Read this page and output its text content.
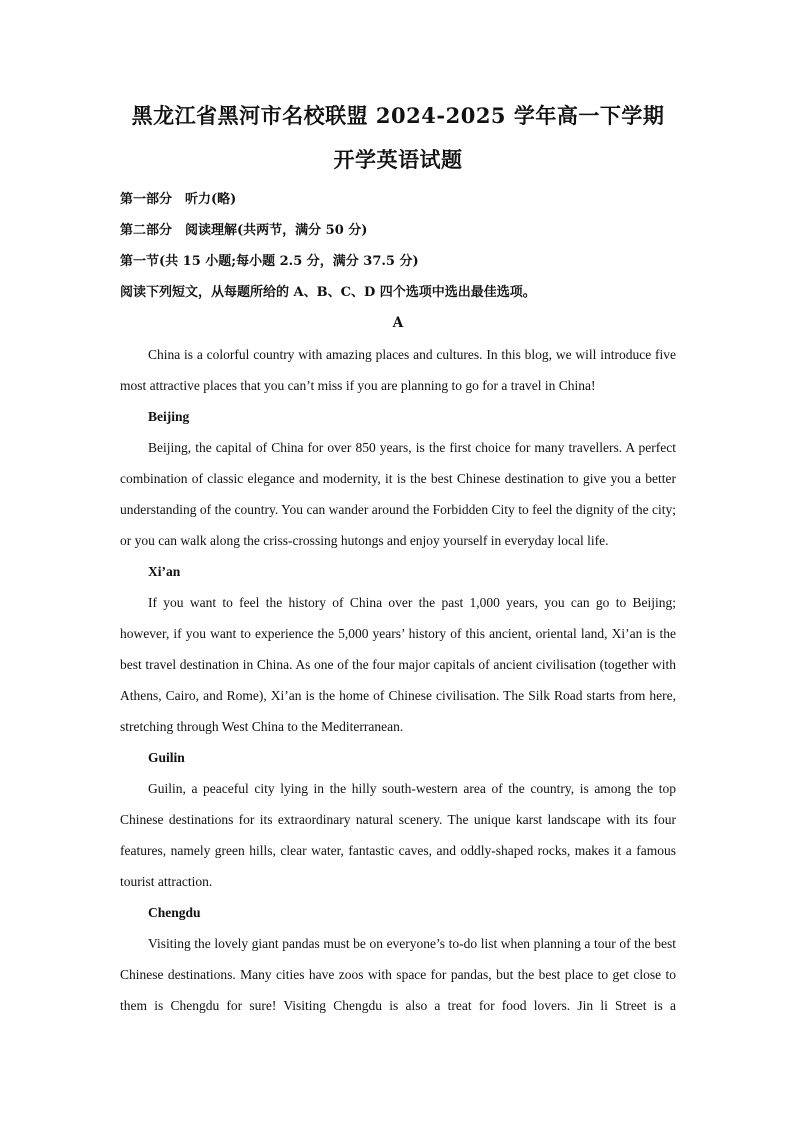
黑龙江省黑河市名校联盟 2024-2025 学年高一下学期
开学英语试题

第一部分　听力(略)

第二部分　阅读理解(共两节，满分 50 分)

第一节(共 15 小题;每小题 2.5 分，满分 37.5 分)

阅读下列短文，从每题所给的 A、B、C、D 四个选项中选出最佳选项。

A

China is a colorful country with amazing places and cultures. In this blog, we will introduce five most attractive places that you can’t miss if you are planning to go for a travel in China!

Beijing

Beijing, the capital of China for over 850 years, is the first choice for many travellers. A perfect combination of classic elegance and modernity, it is the best Chinese destination to give you a better understanding of the country. You can wander around the Forbidden City to feel the dignity of the city; or you can walk along the criss-crossing hutongs and enjoy yourself in everyday local life.

Xi’an

If you want to feel the history of China over the past 1,000 years, you can go to Beijing; however, if you want to experience the 5,000 years’ history of this ancient, oriental land, Xi’an is the best travel destination in China. As one of the four major capitals of ancient civilisation (together with Athens, Cairo, and Rome), Xi’an is the home of Chinese civilisation. The Silk Road starts from here, stretching through West China to the Mediterranean.

Guilin

Guilin, a peaceful city lying in the hilly south-western area of the country, is among the top Chinese destinations for its extraordinary natural scenery. The unique karst landscape with its four features, namely green hills, clear water, fantastic caves, and oddly-shaped rocks, makes it a famous tourist attraction.

Chengdu

Visiting the lovely giant pandas must be on everyone’s to-do list when planning a tour of the best Chinese destinations. Many cities have zoos with space for pandas, but the best place to get close to them is Chengdu for sure! Visiting Chengdu is also a treat for food lovers. Jin li Street is a
